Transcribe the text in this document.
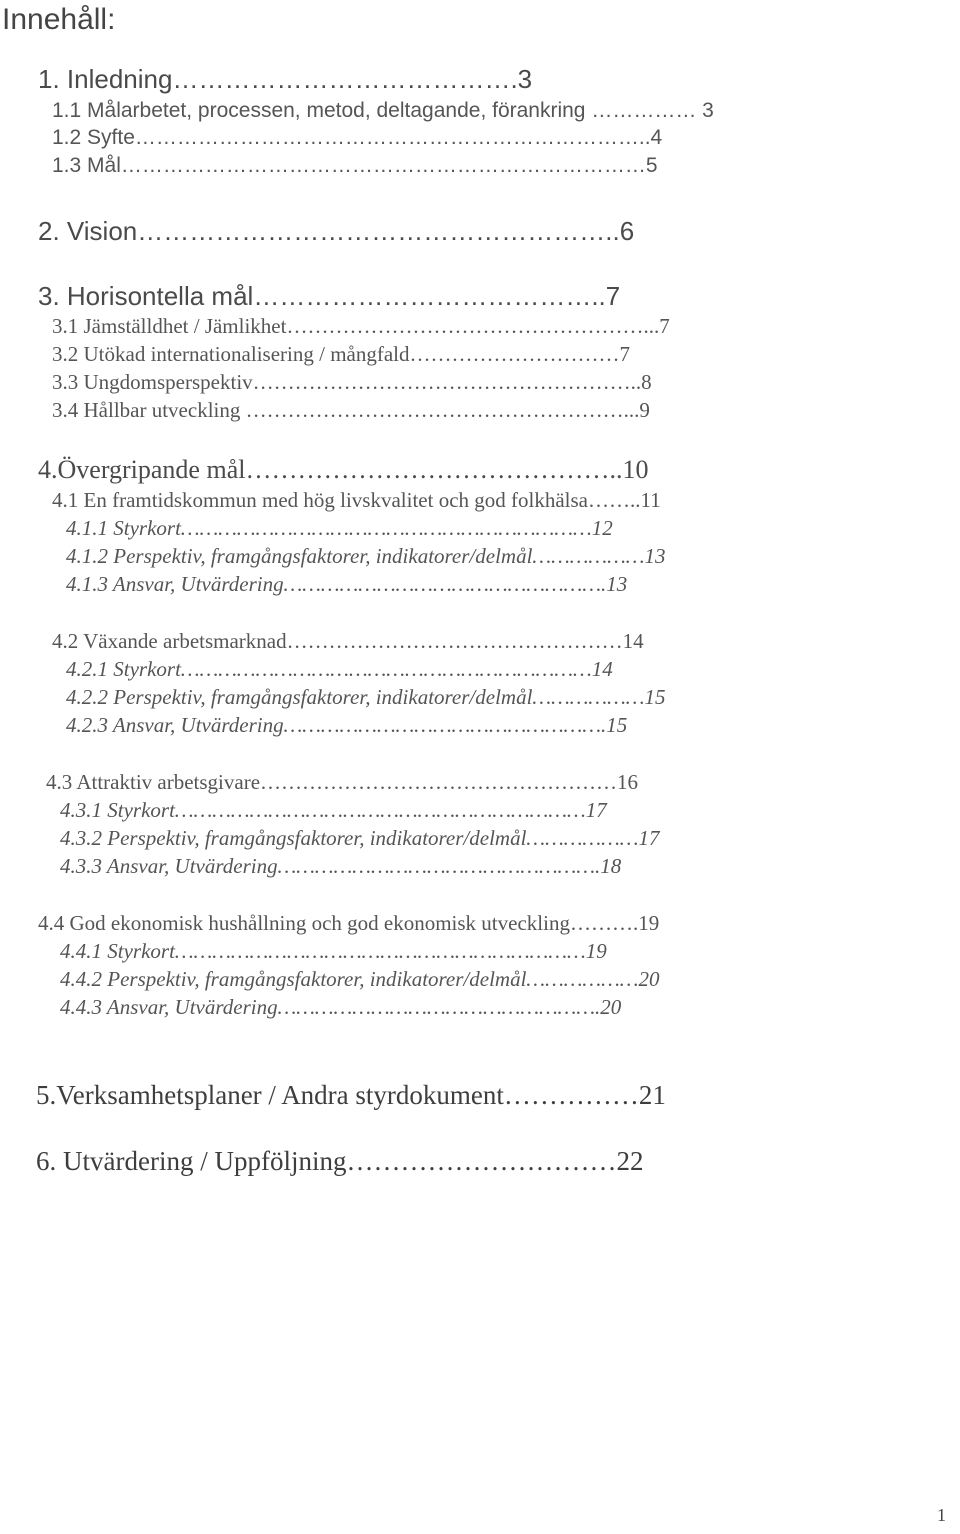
Innehåll:
1. Inledning………………………………….3
1.1 Målarbetet, processen, metod, deltagande, förankring …………… 3
1.2 Syfte………………………………………………………………..4
1.3 Mål…………………………………………………………………5
2. Vision………………………………………………..6
3. Horisontella mål…………………………………..7
3.1 Jämställdhet / Jämlikhet……………………………………………...7
3.2 Utökad internationalisering / mångfald…………………………7
3.3 Ungdomsperspektiv………………………………………………..8
3.4 Hållbar utveckling ………………………………………………...9
4.Övergripande mål……………………………………..10
4.1 En framtidskommun med hög livskvalitet och god folkhälsa……..11
4.1.1 Styrkort…………………………………………………………12
4.1.2 Perspektiv, framgångsfaktorer, indikatorer/delmål………………13
4.1.3 Ansvar, Utvärdering…………………………………………….13
4.2 Växande arbetsmarknad…………………………………………14
4.2.1 Styrkort…………………………………………………………14
4.2.2 Perspektiv, framgångsfaktorer, indikatorer/delmål………………15
4.2.3 Ansvar, Utvärdering…………………………………………….15
4.3 Attraktiv arbetsgivare……………………………………………16
4.3.1 Styrkort…………………………………………………………17
4.3.2 Perspektiv, framgångsfaktorer, indikatorer/delmål………………17
4.3.3 Ansvar, Utvärdering…………………………………………….18
4.4 God ekonomisk hushållning och god ekonomisk utveckling……….19
4.4.1 Styrkort…………………………………………………………19
4.4.2 Perspektiv, framgångsfaktorer, indikatorer/delmål………………20
4.4.3 Ansvar, Utvärdering…………………………………………….20
5.Verksamhetsplaner / Andra styrdokument……………21
6. Utvärdering / Uppföljning…………………………22
1
